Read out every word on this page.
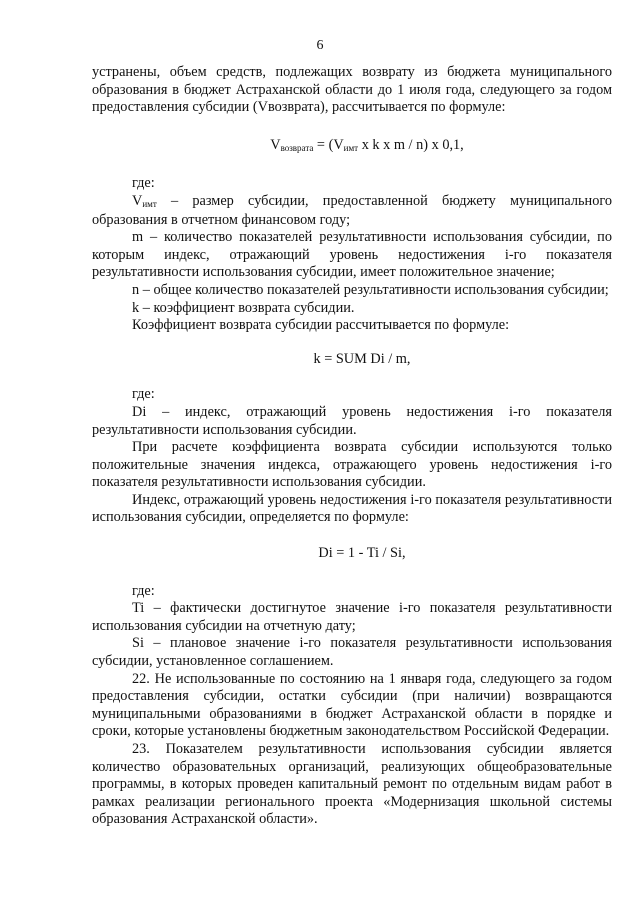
6

устранены, объем средств, подлежащих возврату из бюджета муниципального образования в бюджет Астраханской области до 1 июля года, следующего за годом предоставления субсидии (Vвозврата), рассчитывается по формуле:

Vвозврата = (Vимт x k x m / n) x 0,1,

где:

Vимт – размер субсидии, предоставленной бюджету муниципального образования в отчетном финансовом году;

m – количество показателей результативности использования субсидии, по которым индекс, отражающий уровень недостижения i-го показателя результативности использования субсидии, имеет положительное значение;

n – общее количество показателей результативности использования субсидии;

k – коэффициент возврата субсидии.

Коэффициент возврата субсидии рассчитывается по формуле:

k = SUM Di / m,

где:

Di – индекс, отражающий уровень недостижения i-го показателя результативности использования субсидии.

При расчете коэффициента возврата субсидии используются только положительные значения индекса, отражающего уровень недостижения i-го показателя результативности использования субсидии.

Индекс, отражающий уровень недостижения i-го показателя результативности использования субсидии, определяется по формуле:

Di = 1 - Ti / Si,

где:

Ti – фактически достигнутое значение i-го показателя результативности использования субсидии на отчетную дату;

Si – плановое значение i-го показателя результативности использования субсидии, установленное соглашением.

22. Не использованные по состоянию на 1 января года, следующего за годом предоставления субсидии, остатки субсидии (при наличии) возвращаются муниципальными образованиями в бюджет Астраханской области в порядке и сроки, которые установлены бюджетным законодательством Российской Федерации.

23. Показателем результативности использования субсидии является количество образовательных организаций, реализующих общеобразовательные программы, в которых проведен капитальный ремонт по отдельным видам работ в рамках реализации регионального проекта «Модернизация школьной системы образования Астраханской области».
